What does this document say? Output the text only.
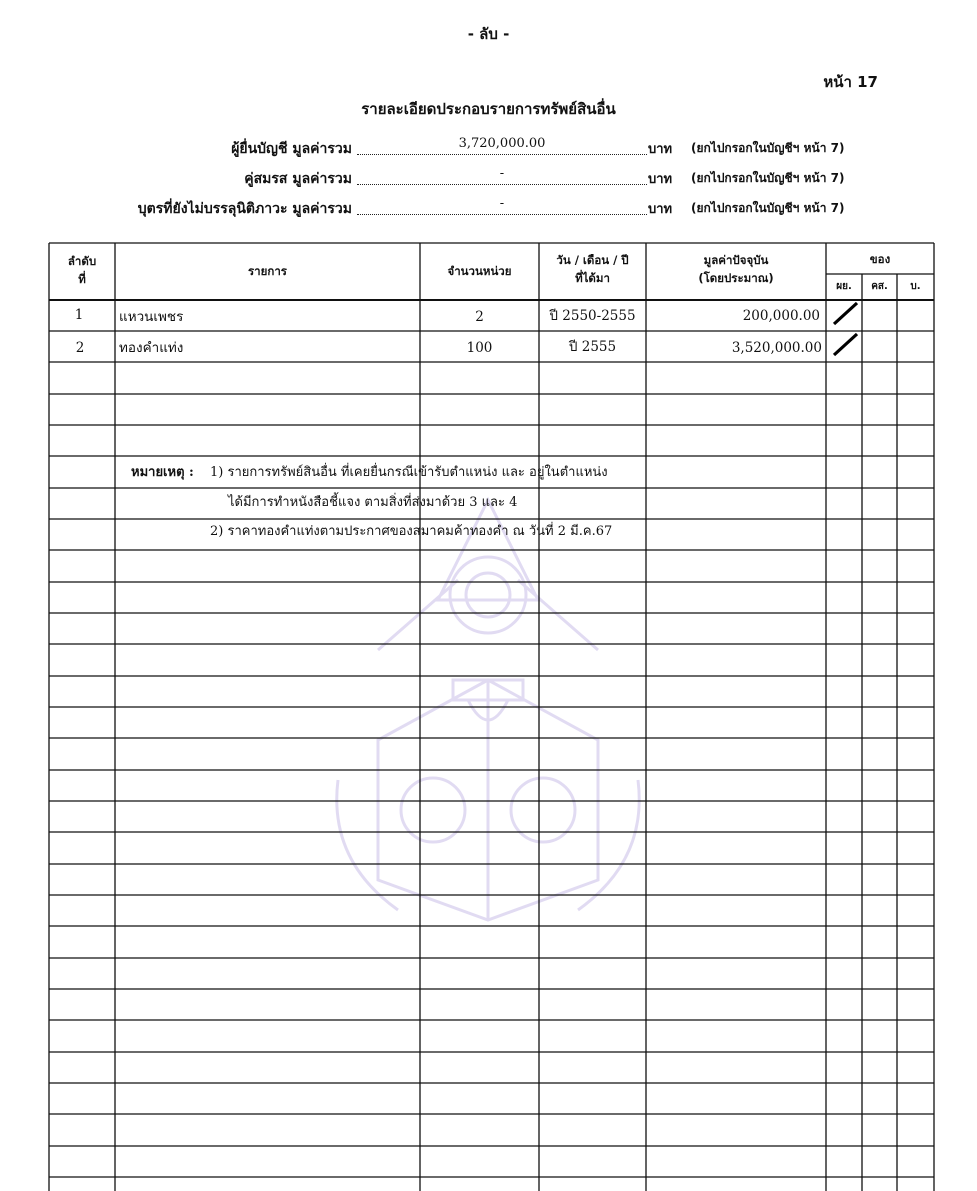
- ลับ -
หน้า 17
รายละเอียดประกอบรายการทรัพย์สินอื่น
ผู้ยื่นบัญชี มูลค่ารวม	3,720,000.00	บาท (ยกไปกรอกในบัญชีฯ หน้า 7)
คู่สมรส มูลค่ารวม	-	บาท (ยกไปกรอกในบัญชีฯ หน้า 7)
บุตรที่ยังไม่บรรลุนิติภาวะ มูลค่ารวม	-	บาท (ยกไปกรอกในบัญชีฯ หน้า 7)
ลำดับ
ที่
รายการ	จำนวนหน่วย
วัน / เดือน / ปี
ที่ได้มา
มูลค่าปัจจุบัน
(โดยประมาณ)
ของ
ผย.	คส.	บ.
1	แหวนเพชร	2	ปี 2550-2555	200,000.00
2	ทองคำแท่ง	100	ปี 2555	3,520,000.00
หมายเหตุ : 1) รายการทรัพย์สินอื่น ที่เคยยื่นกรณีเข้ารับตำแหน่ง และ อยู่ในตำแหน่ง
ได้มีการทำหนังสือชี้แจง ตามสิ่งที่ส่งมาด้วย 3 และ 4
2) ราคาทองคำแท่งตามประกาศของสมาคมค้าทองคำ ณ วันที่ 2 มี.ค.67
